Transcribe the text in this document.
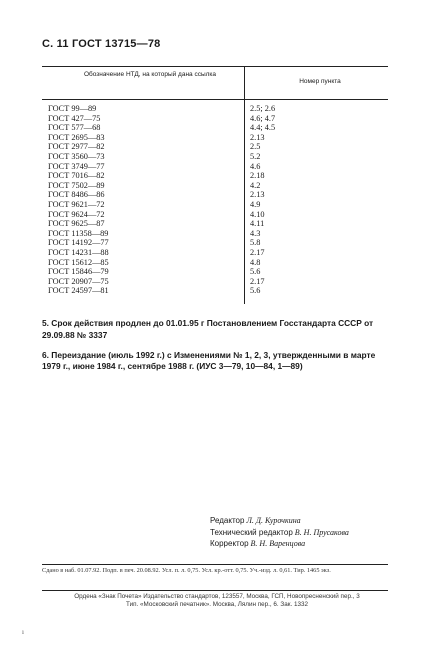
С. 11 ГОСТ 13715—78
Обозначение НТД, на который дана ссылка
Номер пункта
ГОСТ 99—89	2.5; 2.6
ГОСТ 427—75	4.6; 4.7
ГОСТ 577—68	4.4; 4.5
ГОСТ 2695—83	2.13
ГОСТ 2977—82	2.5
ГОСТ 3560—73	5.2
ГОСТ 3749—77	4.6
ГОСТ 7016—82	2.18
ГОСТ 7502—89	4.2
ГОСТ 8486—86	2.13
ГОСТ 9621—72	4.9
ГОСТ 9624—72	4.10
ГОСТ 9625—87	4.11
ГОСТ 11358—89	4.3
ГОСТ 14192—77	5.8
ГОСТ 14231—88	2.17
ГОСТ 15612—85	4.8
ГОСТ 15846—79	5.6
ГОСТ 20907—75	2.17
ГОСТ 24597—81	5.6
5. Срок действия продлен до 01.01.95 г Постановлением Госстандарта СССР от 29.09.88 № 3337
6. Переиздание (июль 1992 г.) с Изменениями № 1, 2, 3, утвержденными в марте 1979 г., июне 1984 г., сентябре 1988 г. (ИУС 3—79, 10—84, 1—89)
Редактор Л. Д. Курочкина
Технический редактор В. Н. Прусакова
Корректор В. Н. Варенцова
Сдано в наб. 01.07.92. Подп. в печ. 20.08.92. Усл. п. л. 0,75. Усл. кр.-отт. 0,75. Уч.-изд. л. 0,61. Тир. 1465 экз.
Ордена «Знак Почета» Издательство стандартов, 123557, Москва, ГСП, Новопресненский пер., 3
Тип. «Московский печатник». Москва, Лялин пер., 6. Зак. 1332
ı
